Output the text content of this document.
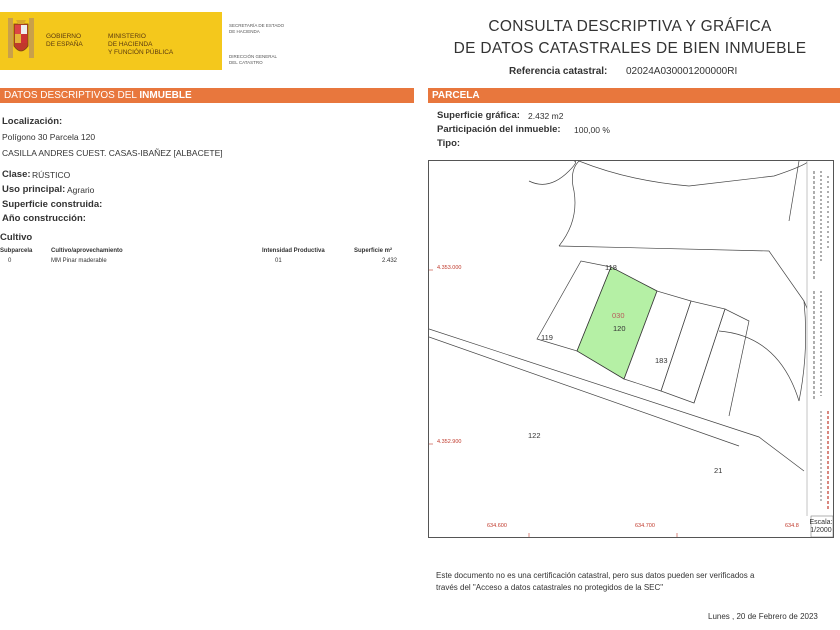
GOBIERNO
DE ESPAÑA
MINISTERIO
DE HACIENDA
Y FUNCIÓN PÚBLICA
SECRETARÍA DE ESTADO
DE HACIENDA
DIRECCIÓN GENERAL
DEL CATASTRO
CONSULTA DESCRIPTIVA Y GRÁFICA
DE DATOS CATASTRALES DE BIEN INMUEBLE
Referencia catastral: 02024A030001200000RI
DATOS DESCRIPTIVOS DEL INMUEBLE
Localización:
Polígono 30 Parcela 120
CASILLA ANDRES CUEST. CASAS-IBAÑEZ [ALBACETE]
Clase: RÚSTICO
Uso principal: Agrario
Superficie construida:
Año construcción:
Cultivo
Subparcela	Cultivo/aprovechamiento	Intensidad Productiva	Superficie m²
0	MM Pinar maderable	01	2.432
PARCELA
Superficie gráfica: 2.432 m2
Participación del inmueble: 100,00 %
Tipo:
118
119
030
120
183
122
21
4.353.000
4.352.900
634.600	634.700	634.8 Escala:
1/2000
Este documento no es una certificación catastral, pero sus datos pueden ser verificados a
través del "Acceso a datos catastrales no protegidos de la SEC"
Lunes , 20 de Febrero de 2023
